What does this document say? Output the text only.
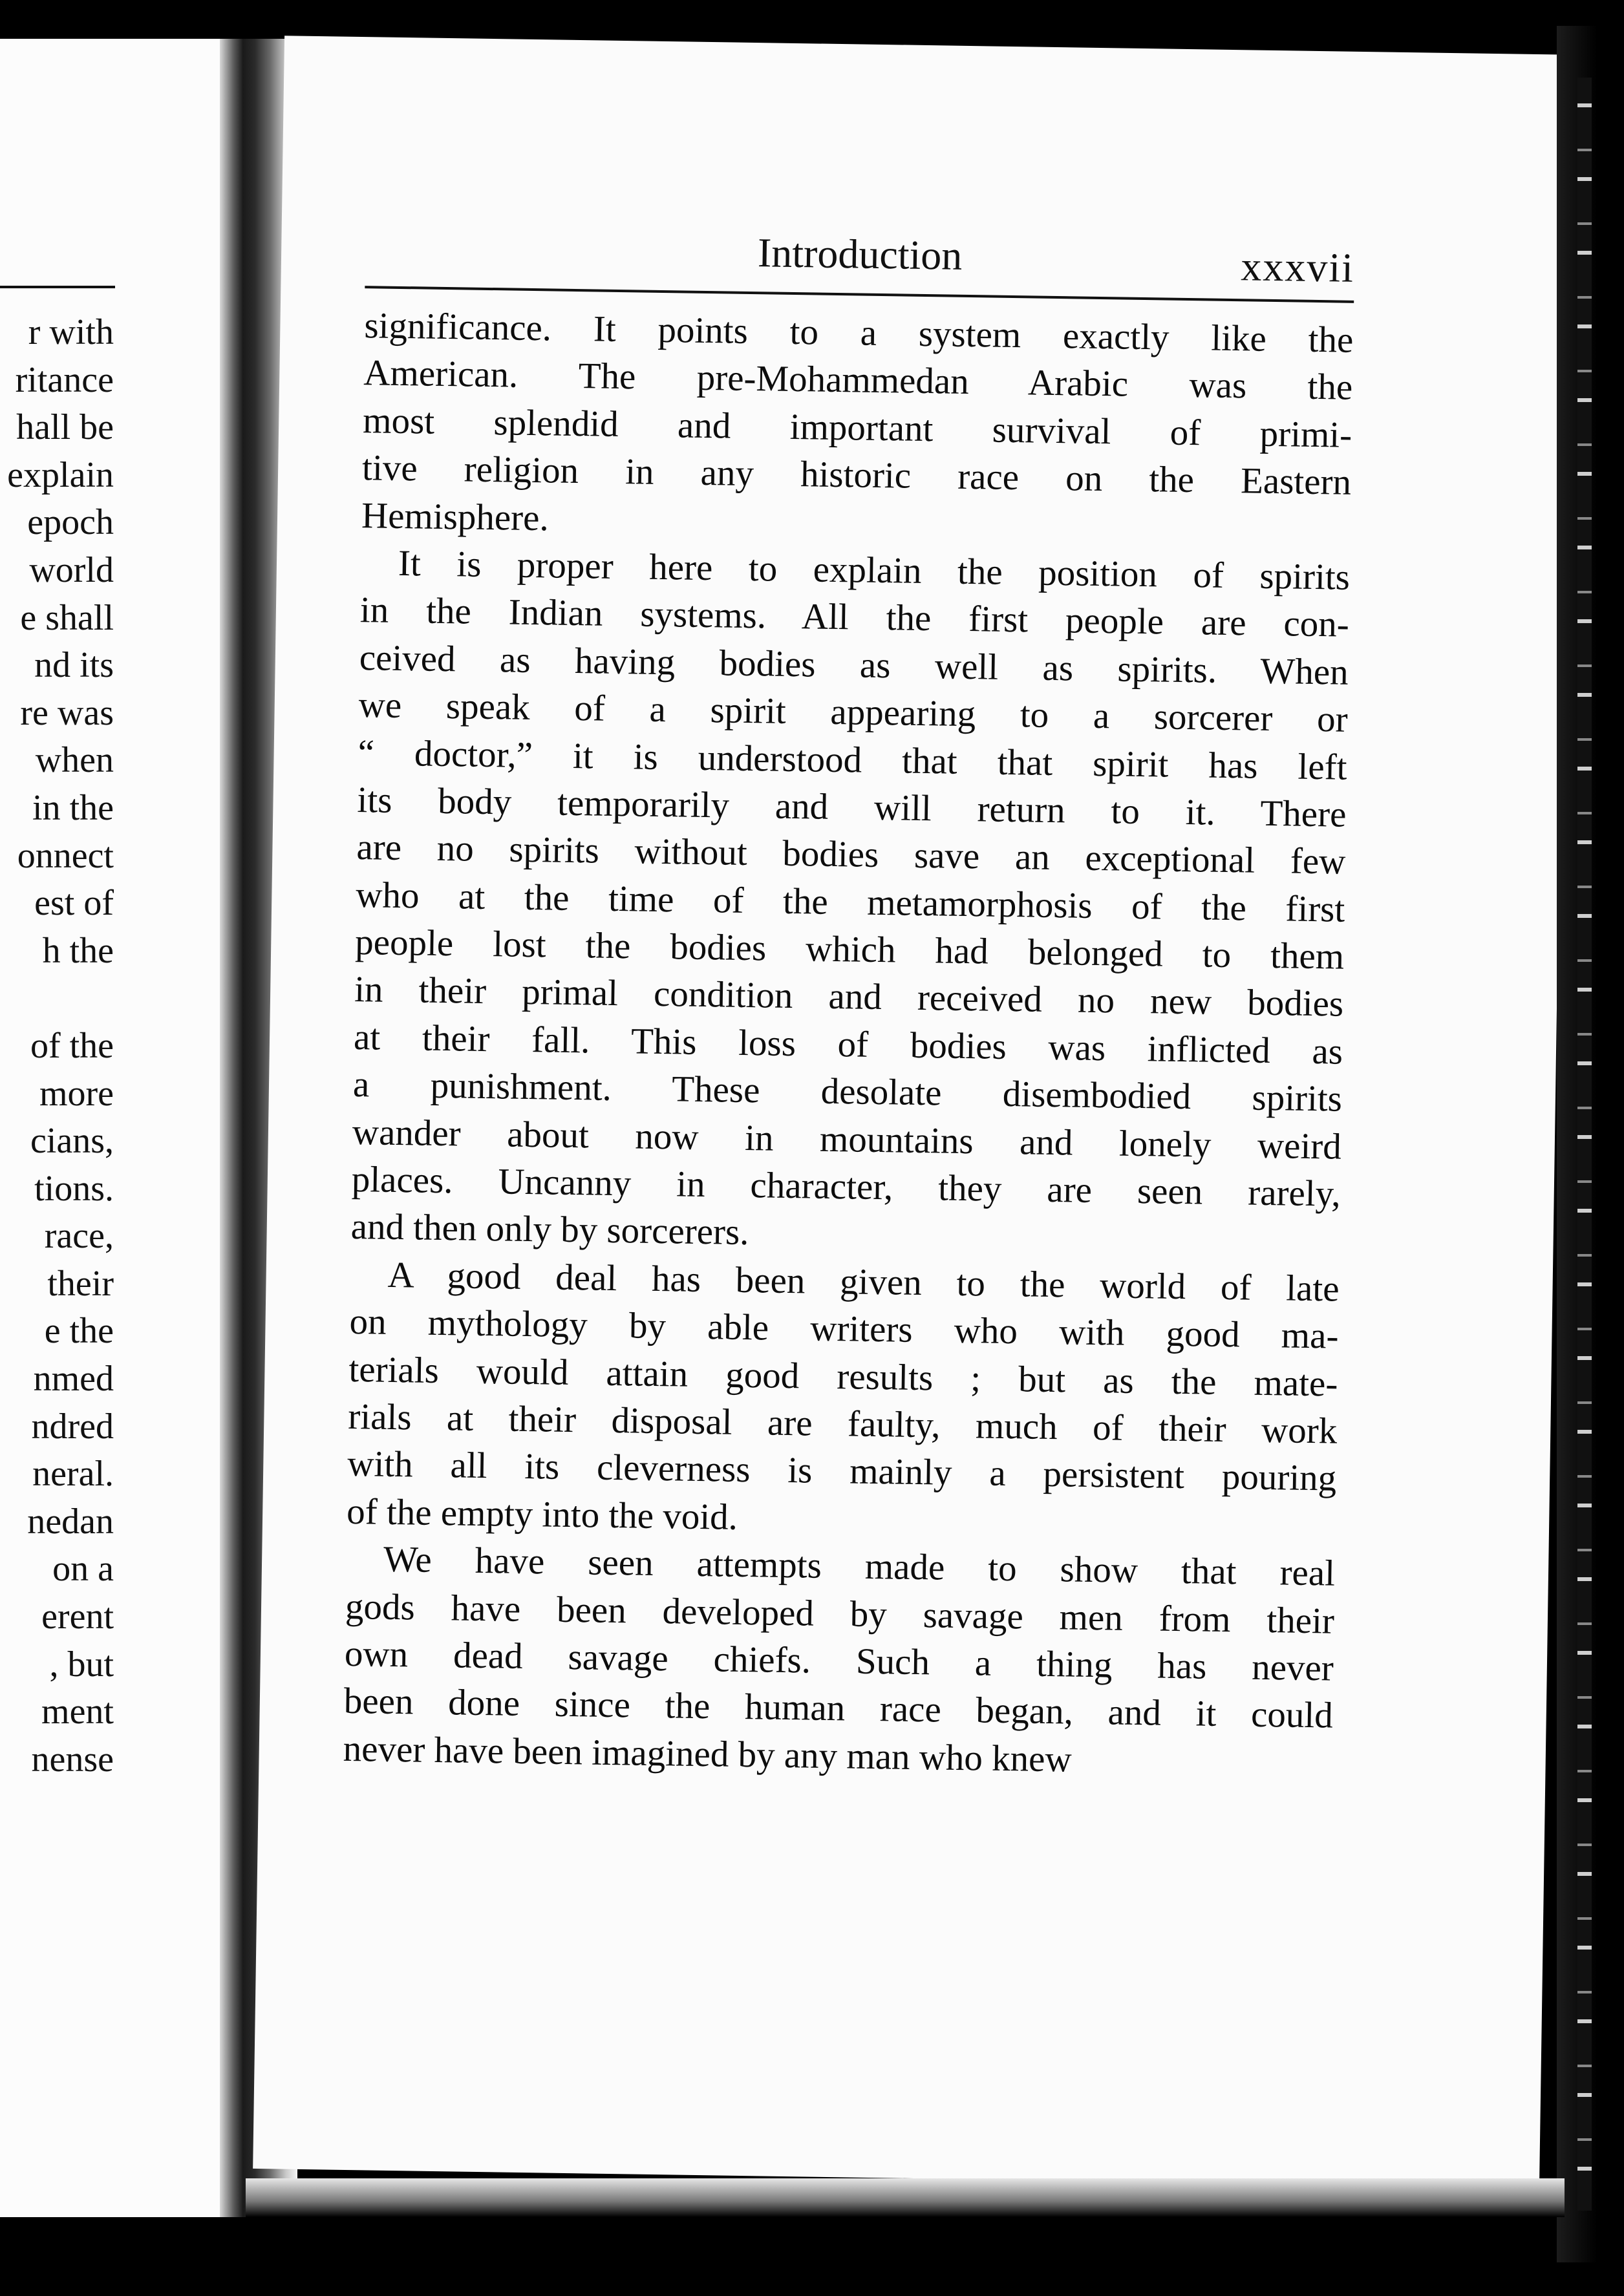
r with
ritance
hall be
explain
epoch
world
e shall
nd its
re was
when
in the
onnect
est of
h the
of the
more
cians,
tions.
race,
their
e the
nmed
ndred
neral.
nedan
on a
erent
, but
ment
nense
Introduction	xxxvii
significance. It points to a system exactly like the
American. The pre-Mohammedan Arabic was the
most splendid and important survival of primi-
tive religion in any historic race on the Eastern
Hemisphere.
It is proper here to explain the position of spirits
in the Indian systems. All the first people are con-
ceived as having bodies as well as spirits. When
we speak of a spirit appearing to a sorcerer or
“ doctor,” it is understood that that spirit has left
its body temporarily and will return to it. There
are no spirits without bodies save an exceptional few
who at the time of the metamorphosis of the first
people lost the bodies which had belonged to them
in their primal condition and received no new bodies
at their fall. This loss of bodies was inflicted as
a punishment. These desolate disembodied spirits
wander about now in mountains and lonely weird
places. Uncanny in character, they are seen rarely,
and then only by sorcerers.
A good deal has been given to the world of late
on mythology by able writers who with good ma-
terials would attain good results ; but as the mate-
rials at their disposal are faulty, much of their work
with all its cleverness is mainly a persistent pouring
of the empty into the void.
We have seen attempts made to show that real
gods have been developed by savage men from their
own dead savage chiefs. Such a thing has never
been done since the human race began, and it could
never have been imagined by any man who knew
